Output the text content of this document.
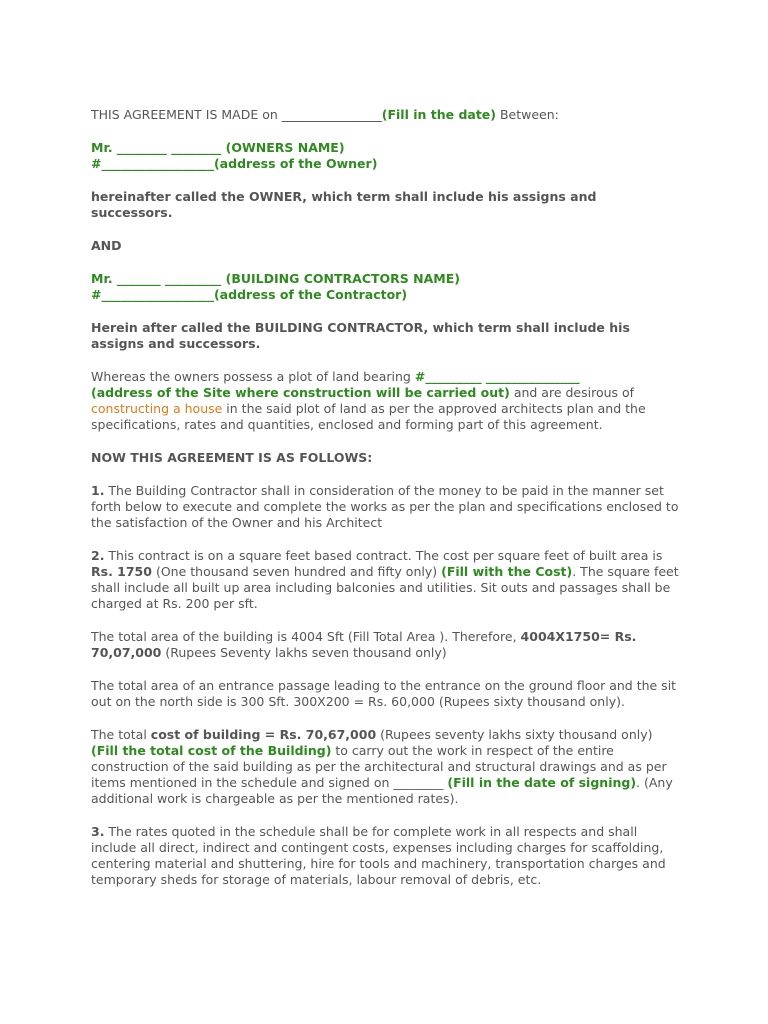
THIS AGREEMENT IS MADE on ________________(Fill in the date) Between:

Mr. ________ ________ (OWNERS NAME)
#__________________(address of the Owner)

hereinafter called the OWNER, which term shall include his assigns and successors.

AND

Mr. _______ _________ (BUILDING CONTRACTORS NAME)
#__________________(address of the Contractor)

Herein after called the BUILDING CONTRACTOR, which term shall include his assigns and successors.

Whereas the owners possess a plot of land bearing #_________ _______________
(address of the Site where construction will be carried out) and are desirous of constructing a house in the said plot of land as per the approved architects plan and the specifications, rates and quantities, enclosed and forming part of this agreement.

NOW THIS AGREEMENT IS AS FOLLOWS:

1. The Building Contractor shall in consideration of the money to be paid in the manner set forth below to execute and complete the works as per the plan and specifications enclosed to the satisfaction of the Owner and his Architect

2. This contract is on a square feet based contract. The cost per square feet of built area is Rs. 1750 (One thousand seven hundred and fifty only) (Fill with the Cost). The square feet shall include all built up area including balconies and utilities. Sit outs and passages shall be charged at Rs. 200 per sft.

The total area of the building is 4004 Sft (Fill Total Area ). Therefore, 4004X1750= Rs. 70,07,000 (Rupees Seventy lakhs seven thousand only)

The total area of an entrance passage leading to the entrance on the ground floor and the sit out on the north side is 300 Sft. 300X200 = Rs. 60,000 (Rupees sixty thousand only).

The total cost of building = Rs. 70,67,000 (Rupees seventy lakhs sixty thousand only) (Fill the total cost of the Building) to carry out the work in respect of the entire construction of the said building as per the architectural and structural drawings and as per items mentioned in the schedule and signed on ________ (Fill in the date of signing). (Any additional work is chargeable as per the mentioned rates).

3. The rates quoted in the schedule shall be for complete work in all respects and shall include all direct, indirect and contingent costs, expenses including charges for scaffolding, centering material and shuttering, hire for tools and machinery, transportation charges and temporary sheds for storage of materials, labour removal of debris, etc.
